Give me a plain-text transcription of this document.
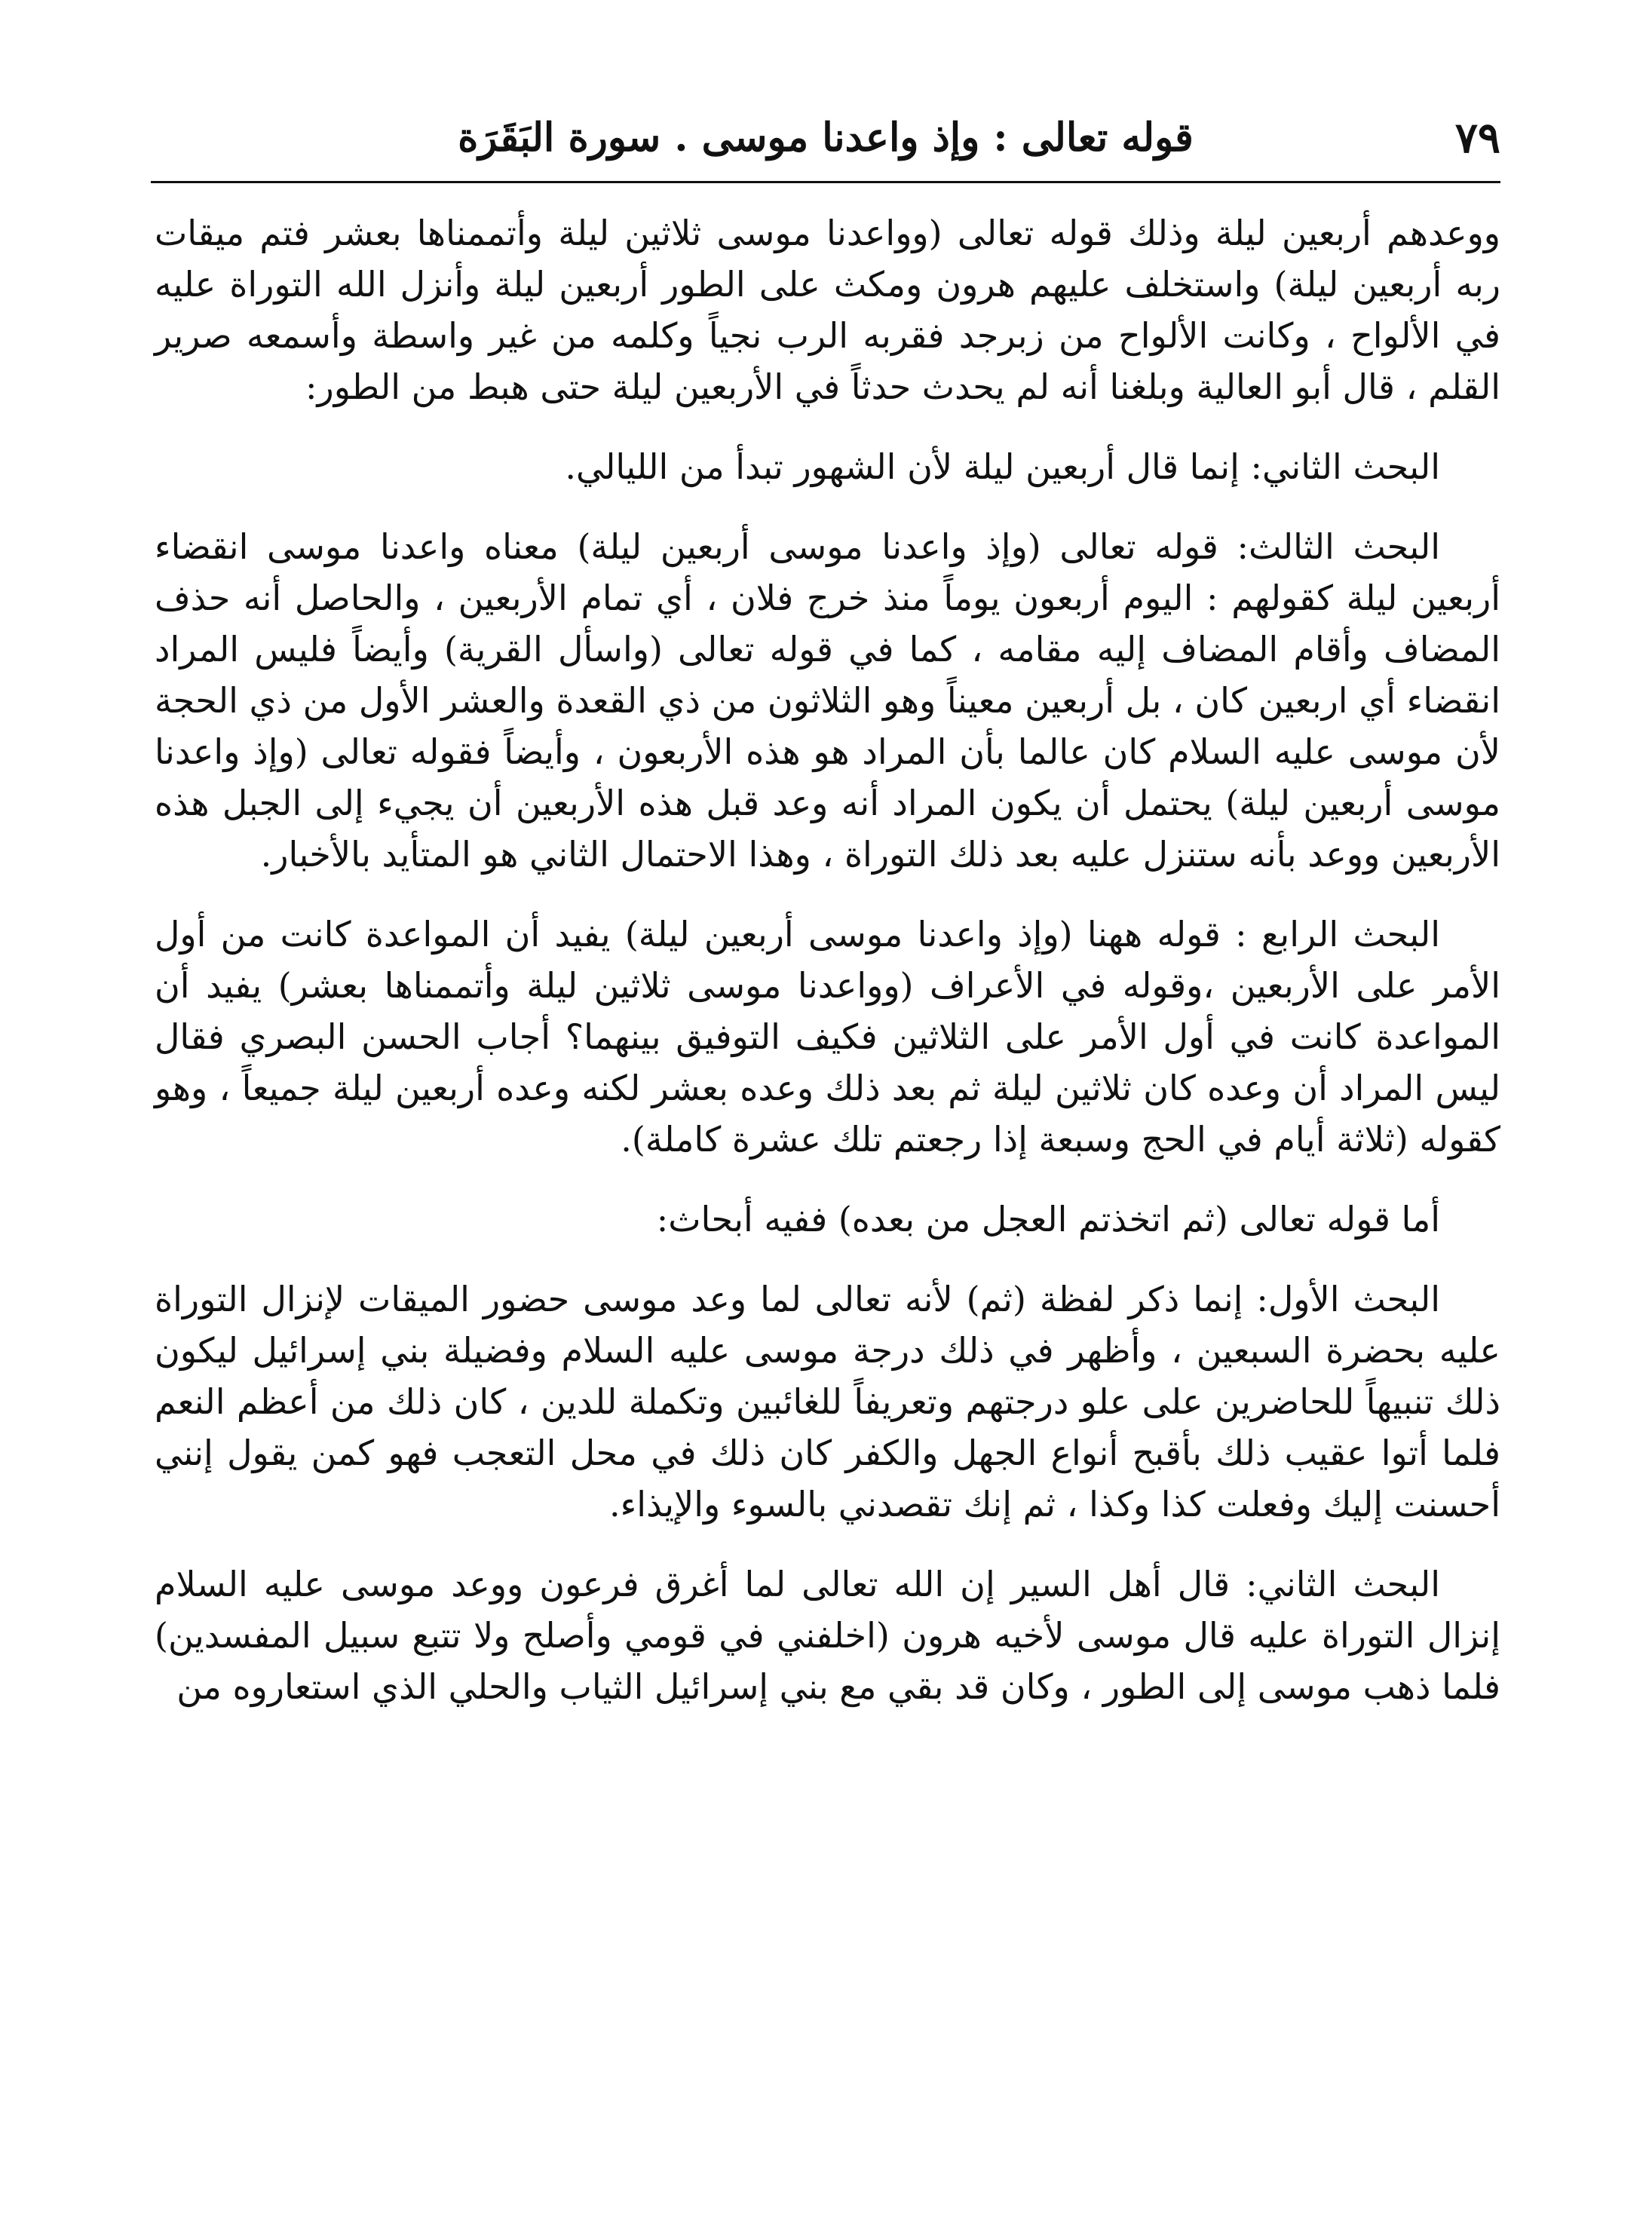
٧٩
قوله تعالى : وإذ واعدنا موسى . سورة البَقَرَة

ووعدهم أربعين ليلة وذلك قوله تعالى (وواعدنا موسى ثلاثين ليلة وأتممناها بعشر فتم ميقات ربه أربعين ليلة) واستخلف عليهم هرون ومكث على الطور أربعين ليلة وأنزل الله التوراة عليه في الألواح ، وكانت الألواح من زبرجد فقربه الرب نجياً وكلمه من غير واسطة وأسمعه صرير القلم ، قال أبو العالية وبلغنا أنه لم يحدث حدثاً في الأربعين ليلة حتى هبط من الطور:

البحث الثاني: إنما قال أربعين ليلة لأن الشهور تبدأ من الليالي.

البحث الثالث: قوله تعالى (وإذ واعدنا موسى أربعين ليلة) معناه واعدنا موسى انقضاء أربعين ليلة كقولهم : اليوم أربعون يوماً منذ خرج فلان ، أي تمام الأربعين ، والحاصل أنه حذف المضاف وأقام المضاف إليه مقامه ، كما في قوله تعالى (واسأل القرية) وأيضاً فليس المراد انقضاء أي اربعين كان ، بل أربعين معيناً وهو الثلاثون من ذي القعدة والعشر الأول من ذي الحجة لأن موسى عليه السلام كان عالما بأن المراد هو هذه الأربعون ، وأيضاً فقوله تعالى (وإذ واعدنا موسى أربعين ليلة) يحتمل أن يكون المراد أنه وعد قبل هذه الأربعين أن يجيء إلى الجبل هذه الأربعين ووعد بأنه ستنزل عليه بعد ذلك التوراة ، وهذا الاحتمال الثاني هو المتأيد بالأخبار.

البحث الرابع : قوله ههنا (وإذ واعدنا موسى أربعين ليلة) يفيد أن المواعدة كانت من أول الأمر على الأربعين ،وقوله في الأعراف (وواعدنا موسى ثلاثين ليلة وأتممناها بعشر) يفيد أن المواعدة كانت في أول الأمر على الثلاثين فكيف التوفيق بينهما؟ أجاب الحسن البصري فقال ليس المراد أن وعده كان ثلاثين ليلة ثم بعد ذلك وعده بعشر لكنه وعده أربعين ليلة جميعاً ، وهو كقوله (ثلاثة أيام في الحج وسبعة إذا رجعتم تلك عشرة كاملة).

أما قوله تعالى (ثم اتخذتم العجل من بعده) ففيه أبحاث:

البحث الأول: إنما ذكر لفظة (ثم) لأنه تعالى لما وعد موسى حضور الميقات لإنزال التوراة عليه بحضرة السبعين ، وأظهر في ذلك درجة موسى عليه السلام وفضيلة بني إسرائيل ليكون ذلك تنبيهاً للحاضرين على علو درجتهم وتعريفاً للغائبين وتكملة للدين ، كان ذلك من أعظم النعم فلما أتوا عقيب ذلك بأقبح أنواع الجهل والكفر كان ذلك في محل التعجب فهو كمن يقول إنني أحسنت إليك وفعلت كذا وكذا ، ثم إنك تقصدني بالسوء والإيذاء.

البحث الثاني: قال أهل السير إن الله تعالى لما أغرق فرعون ووعد موسى عليه السلام إنزال التوراة عليه قال موسى لأخيه هرون (اخلفني في قومي وأصلح ولا تتبع سبيل المفسدين) فلما ذهب موسى إلى الطور ، وكان قد بقي مع بني إسرائيل الثياب والحلي الذي استعاروه من
